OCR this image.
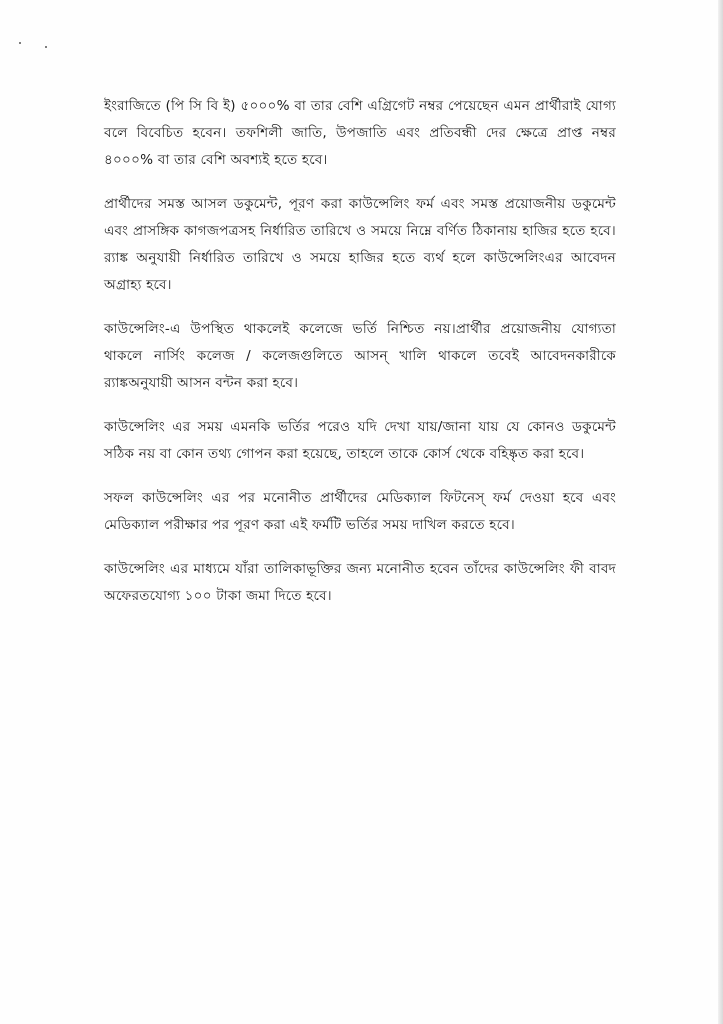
ইংরাজিতে (পি সি বি ই) ৫০০০% বা তার বেশি এগ্রিগেট নম্বর পেয়েছেন এমন প্রার্থীরাই যোগ্য বলে বিবেচিত হবেন। তফশিলী জাতি, উপজাতি এবং প্রতিবন্ধী দের ক্ষেত্রে প্রাপ্ত নম্বর ৪০০০% বা তার বেশি অবশ্যই হতে হবে।

প্রার্থীদের সমস্ত আসল ডকুমেন্ট, পূরণ করা কাউন্সেলিং ফর্ম এবং সমস্ত প্রয়োজনীয় ডকুমেন্ট এবং প্রাসঙ্গিক কাগজপত্রসহ নির্ধারিত তারিখে ও সময়ে নিম্নে বর্ণিত ঠিকানায় হাজির হতে হবে।র‍্যাঙ্ক অনুযায়ী নির্ধারিত তারিখে ও সময়ে হাজির হতে ব্যর্থ হলে কাউন্সেলিংএর আবেদন অগ্রাহ্য হবে।

কাউন্সেলিং-এ উপস্থিত থাকলেই কলেজে ভর্তি নিশ্চিত নয়।প্রার্থীর প্রয়োজনীয় যোগ্যতা থাকলে নার্সিং কলেজ / কলেজগুলিতে আসন্ খালি থাকলে তবেই আবেদনকারীকে র‍্যাঙ্কঅনুযায়ী আসন বন্টন করা হবে।

কাউন্সেলিং এর সময় এমনকি ভর্তির পরেও যদি দেখা যায়/জানা যায় যে কোনও ডকুমেন্ট সঠিক নয় বা কোন তথ্য গোপন করা হয়েছে, তাহলে তাকে কোর্স থেকে বহিষ্কৃত করা হবে।

সফল কাউন্সেলিং এর পর মনোনীত প্রার্থীদের মেডিক্যাল ফিটনেস্ ফর্ম দেওয়া হবে এবং মেডিক্যাল পরীক্ষার পর পূরণ করা এই ফর্মটি ভর্তির সময় দাখিল করতে হবে।

কাউন্সেলিং এর মাধ্যমে যাঁরা তালিকাভূক্তির জন্য মনোনীত হবেন তাঁদের কাউন্সেলিং ফী বাবদ অফেরতযোগ্য ১০০ টাকা জমা দিতে হবে।
